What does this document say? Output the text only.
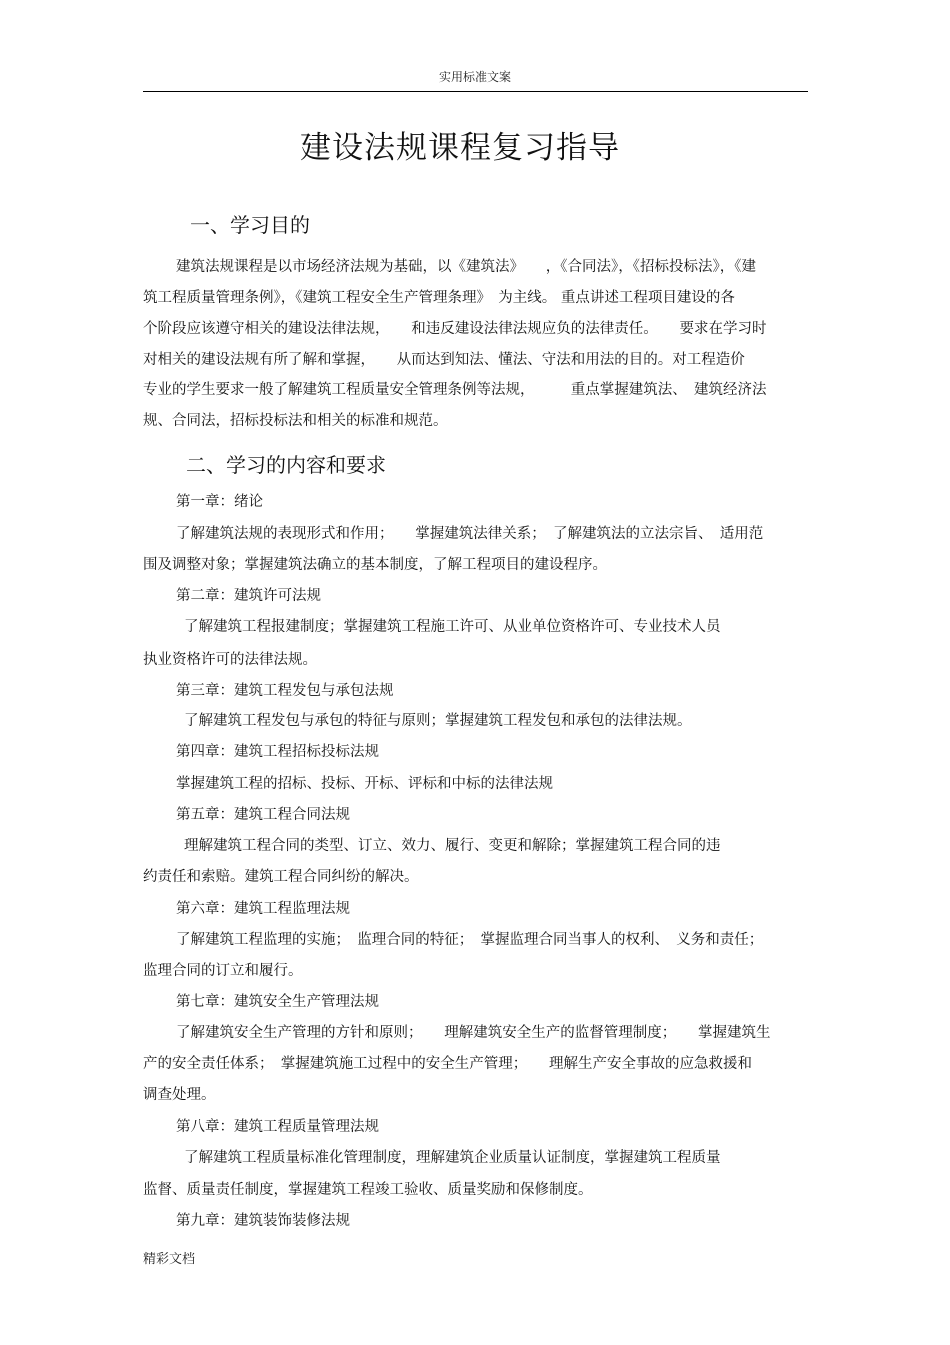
实用标准文案
建设法规课程复习指导
一、学习目的
建筑法规课程是以市场经济法规为基础，以《建筑法》　　，《合同法》，《招标投标法》，《建
筑工程质量管理条例》，《建筑工程安全生产管理条理》　为主线。 重点讲述工程项目建设的各
个阶段应该遵守相关的建设法律法规，　　和违反建设法律法规应负的法律责任。　　要求在学习时
对相关的建设法规有所了解和掌握，　　从而达到知法、懂法、守法和用法的目的。对工程造价
专业的学生要求一般了解建筑工程质量安全管理条例等法规，　　　重点掌握建筑法、　建筑经济法
规、合同法，招标投标法和相关的标准和规范。
二、学习的内容和要求
第一章：绪论
了解建筑法规的表现形式和作用；　　掌握建筑法律关系；　了解建筑法的立法宗旨、　适用范
围及调整对象；掌握建筑法确立的基本制度，了解工程项目的建设程序。
第二章：建筑许可法规
了解建筑工程报建制度；掌握建筑工程施工许可、从业单位资格许可、专业技术人员
执业资格许可的法律法规。
第三章：建筑工程发包与承包法规
了解建筑工程发包与承包的特征与原则；掌握建筑工程发包和承包的法律法规。
第四章：建筑工程招标投标法规
掌握建筑工程的招标、投标、开标、评标和中标的法律法规
第五章：建筑工程合同法规
理解建筑工程合同的类型、订立、效力、履行、变更和解除；掌握建筑工程合同的违
约责任和索赔。建筑工程合同纠纷的解决。
第六章：建筑工程监理法规
了解建筑工程监理的实施；　监理合同的特征；　掌握监理合同当事人的权利、　义务和责任；
监理合同的订立和履行。
第七章：建筑安全生产管理法规
了解建筑安全生产管理的方针和原则；　　理解建筑安全生产的监督管理制度；　　掌握建筑生
产的安全责任体系；　掌握建筑施工过程中的安全生产管理；　　理解生产安全事故的应急救援和
调查处理。
第八章：建筑工程质量管理法规
了解建筑工程质量标准化管理制度，理解建筑企业质量认证制度，掌握建筑工程质量
监督、质量责任制度，掌握建筑工程竣工验收、质量奖励和保修制度。
第九章：建筑装饰装修法规
精彩文档
